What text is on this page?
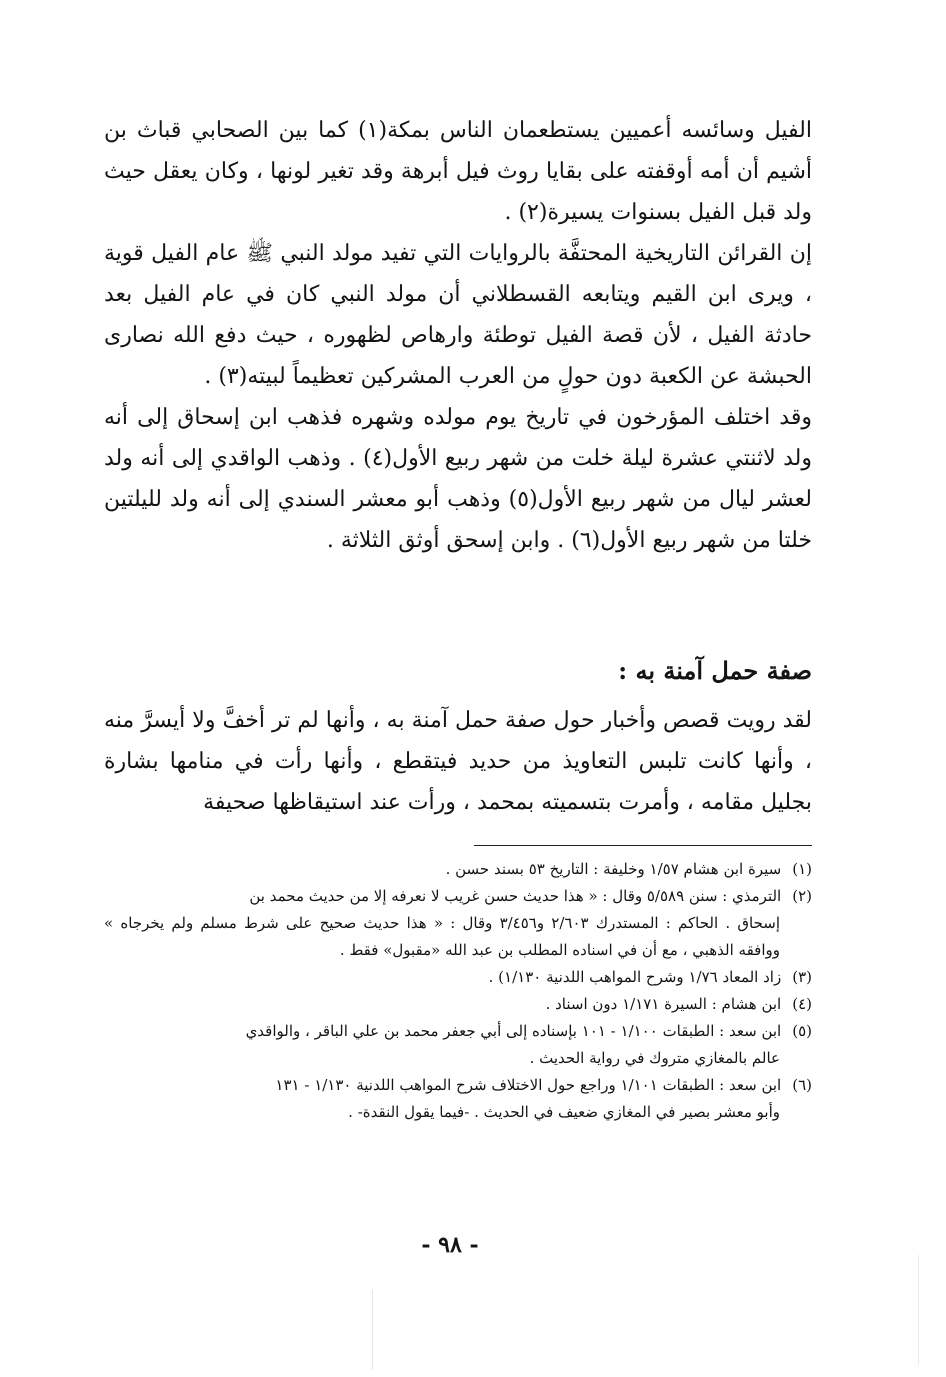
الفيل وسائسه أعميين يستطعمان الناس بمكة(١) كما بين الصحابي قباث بن أشيم أن أمه أوقفته على بقايا روث فيل أبرهة وقد تغير لونها ، وكان يعقل حيث ولد قبل الفيل بسنوات يسيرة(٢) .

إن القرائن التاريخية المحتفَّة بالروايات التي تفيد مولد النبي ﷺ عام الفيل قوية ، ويرى ابن القيم ويتابعه القسطلاني أن مولد النبي كان في عام الفيل بعد حادثة الفيل ، لأن قصة الفيل توطئة وارهاص لظهوره ، حيث دفع الله نصارى الحبشة عن الكعبة دون حولٍ من العرب المشركين تعظيماً لبيته(٣) .

وقد اختلف المؤرخون في تاريخ يوم مولده وشهره فذهب ابن إسحاق إلى أنه ولد لاثنتي عشرة ليلة خلت من شهر ربيع الأول(٤) . وذهب الواقدي إلى أنه ولد لعشر ليال من شهر ربيع الأول(٥) وذهب أبو معشر السندي إلى أنه ولد لليلتين خلتا من شهر ربيع الأول(٦) . وابن إسحق أوثق الثلاثة .

صفة حمل آمنة به :

لقد رويت قصص وأخبار حول صفة حمل آمنة به ، وأنها لم تر أخفَّ ولا أيسرَّ منه ، وأنها كانت تلبس التعاويذ من حديد فيتقطع ، وأنها رأت في منامها بشارة بجليل مقامه ، وأمرت بتسميته بمحمد ، ورأت عند استيقاظها صحيفة

(١) سيرة ابن هشام ١/٥٧ وخليفة : التاريخ ٥٣ بسند حسن .

(٢) الترمذي : سنن ٥/٥٨٩ وقال : « هذا حديث حسن غريب لا نعرفه إلا من حديث محمد بن

إسحاق . الحاكم : المستدرك ٢/٦٠٣ و٣/٤٥٦ وقال : « هذا حديث صحيح على شرط مسلم ولم يخرجاه » ووافقه الذهبي ، مع أن في اسناده المطلب بن عبد الله «مقبول» فقط .

(٣) زاد المعاد ١/٧٦ وشرح المواهب اللدنية ١/١٣٠) .

(٤) ابن هشام : السيرة ١/١٧١ دون اسناد .

(٥) ابن سعد : الطبقات ١/١٠٠ - ١٠١ بإسناده إلى أبي جعفر محمد بن علي الباقر ، والواقدي

عالم بالمغازي متروك في رواية الحديث .

(٦) ابن سعد : الطبقات ١/١٠١ وراجع حول الاختلاف شرح المواهب اللدنية ١/١٣٠ - ١٣١

وأبو معشر بصير في المغازي ضعيف في الحديث . -فيما يقول النقدة- .

- ٩٨ -
